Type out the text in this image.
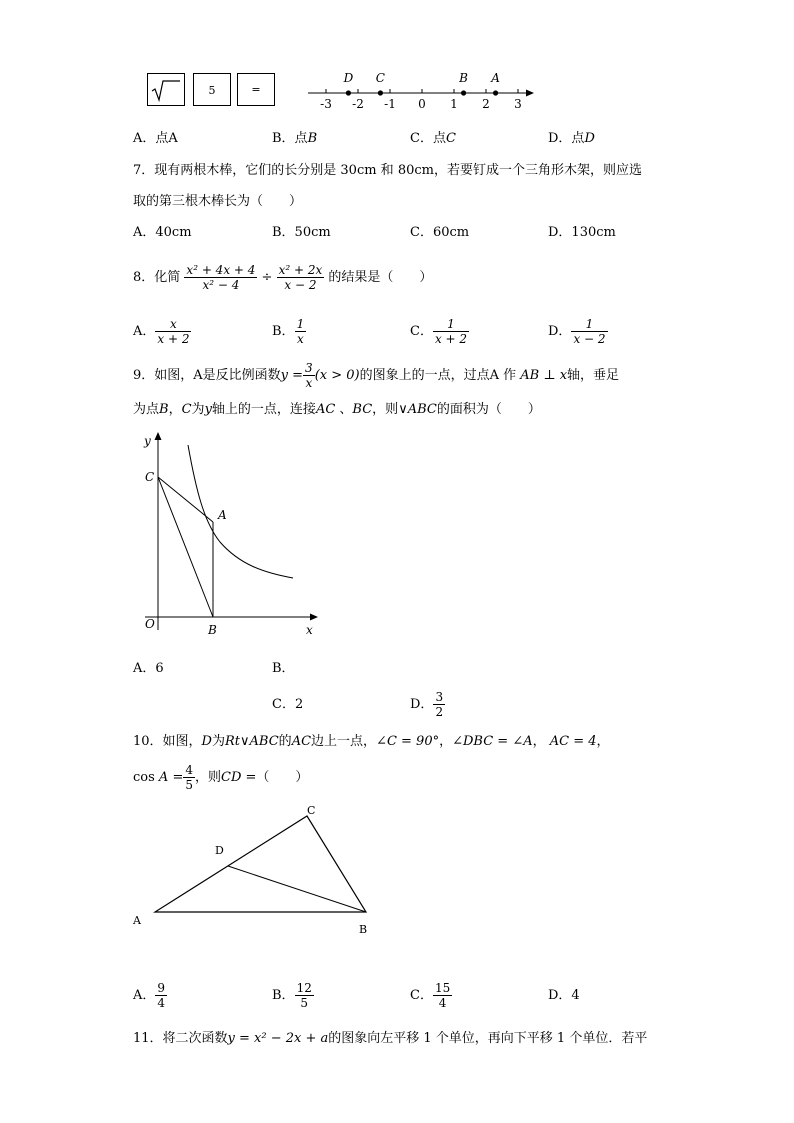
5	=
-3 -2 -1 0 1 2 3
D C	B A
A．点A	B．点B	C．点C	D．点D
7．现有两根木棒，它们的长分别是 30cm 和 80cm，若要钉成一个三角形木架，则应选
取的第三根木棒长为（　　）
A．40cm	B．50cm	C．60cm	D．130cm
8．化简 $\frac{\text{x² + 4x + 4}}{\text{x² − 4}} \div \frac{\text{x² + 2x}}{x - 2}$ 的结果是（　　）
A． $\frac{x}{x + 2}$	B． $\frac{1}{x}$	C． $\frac{1}{x + 2}$	D． $\frac{1}{x - 2}$
9．如图，A是反比例函数$y = \frac{3}{x} (x > 0)$的图象上的一点，过点A 作 AB ⊥ x轴，垂足
为点B，C为y轴上的一点，连接AC 、BC，则∨ABC的面积为（　　）
y
x
O
C
A
B
A．6	B．
C．2	D． $\frac{3}{2}$
10．如图，D为Rt∨ABC的AC边上一点，∠C = 90°，∠DBC = ∠A， AC = 4，
$\cos A = \frac{4}{5}$ ，则CD =（　　）
A
B
C
D
A． $\frac{9}{4}$	B． $\frac{12}{5}$	C． $\frac{15}{4}$	D．4
11．将二次函数y = x² − 2x + a的图象向左平移 1 个单位，再向下平移 1 个单位．若平
